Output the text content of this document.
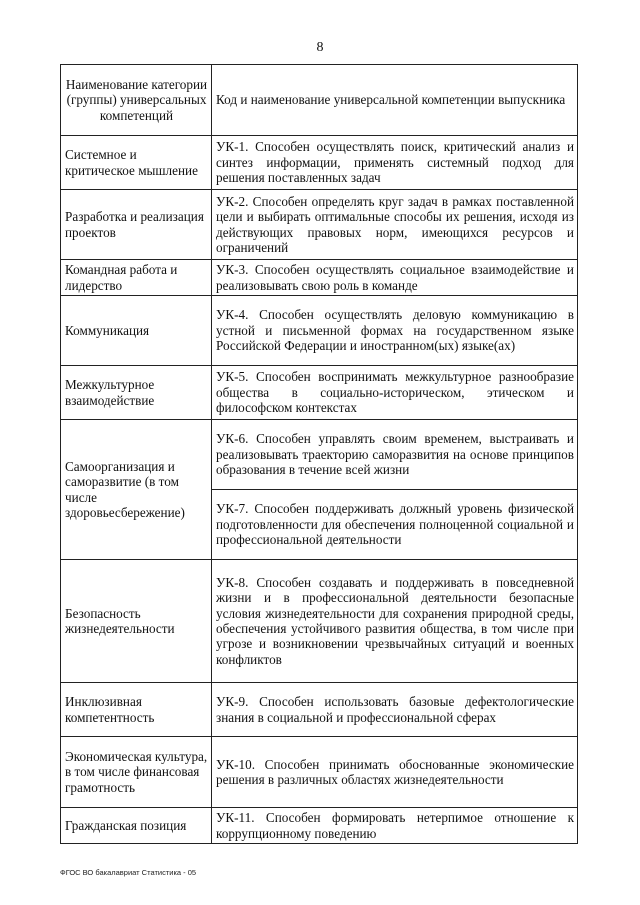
8
Наименование категории (группы) универсальных компетенций	Код и наименование универсальной компетенции выпускника
Системное и критическое мышление	УК-1. Способен осуществлять поиск, критический анализ и синтез информации, применять системный подход для решения поставленных задач
Разработка и реализация проектов	УК-2. Способен определять круг задач в рамках поставленной цели и выбирать оптимальные способы их решения, исходя из действующих правовых норм, имеющихся ресурсов и ограничений
Командная работа и лидерство	УК-3. Способен осуществлять социальное взаимодействие и реализовывать свою роль в команде
Коммуникация	УК-4. Способен осуществлять деловую коммуникацию в устной и письменной формах на государственном языке Российской Федерации и иностранном(ых) языке(ах)
Межкультурное взаимодействие	УК-5. Способен воспринимать межкультурное разнообразие общества в социально-историческом, этическом и философском контекстах
Самоорганизация и саморазвитие (в том числе здоровьесбережение)	УК-6. Способен управлять своим временем, выстраивать и реализовывать траекторию саморазвития на основе принципов образования в течение всей жизни
	УК-7. Способен поддерживать должный уровень физической подготовленности для обеспечения полноценной социальной и профессиональной деятельности
Безопасность жизнедеятельности	УК-8. Способен создавать и поддерживать в повседневной жизни и в профессиональной деятельности безопасные условия жизнедеятельности для сохранения природной среды, обеспечения устойчивого развития общества, в том числе при угрозе и возникновении чрезвычайных ситуаций и военных конфликтов
Инклюзивная компетентность	УК-9. Способен использовать базовые дефектологические знания в социальной и профессиональной сферах
Экономическая культура, в том числе финансовая грамотность	УК-10. Способен принимать обоснованные экономические решения в различных областях жизнедеятельности
Гражданская позиция	УК-11. Способен формировать нетерпимое отношение к коррупционному поведению
ФГОС ВО бакалавриат Статистика - 05
